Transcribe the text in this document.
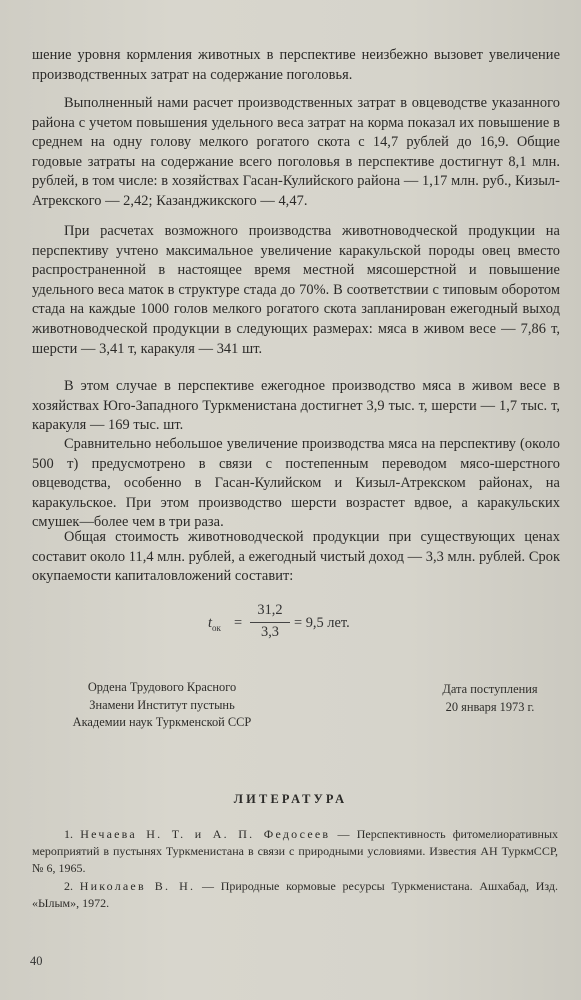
шение уровня кормления животных в перспективе неизбежно вызовет увеличение производственных затрат на содержание поголовья.

Выполненный нами расчет производственных затрат в овцеводстве указанного района с учетом повышения удельного веса затрат на корма показал их повышение в среднем на одну голову мелкого рогатого скота с 14,7 рублей до 16,9. Общие годовые затраты на содержание всего поголовья в перспективе достигнут 8,1 млн. рублей, в том числе: в хозяйствах Гасан-Кулийского района — 1,17 млн. руб., Кизыл-Атрекского — 2,42; Казанджикского — 4,47.

При расчетах возможного производства животноводческой продукции на перспективу учтено максимальное увеличение каракульской породы овец вместо распространенной в настоящее время местной мясошерстной и повышение удельного веса маток в структуре стада до 70%. В соответствии с типовым оборотом стада на каждые 1000 голов мелкого рогатого скота запланирован ежегодный выход животноводческой продукции в следующих размерах: мяса в живом весе — 7,86 т, шерсти — 3,41 т, каракуля — 341 шт.

В этом случае в перспективе ежегодное производство мяса в живом весе в хозяйствах Юго-Западного Туркменистана достигнет 3,9 тыс. т, шерсти — 1,7 тыс. т, каракуля — 169 тыс. шт.

Сравнительно небольшое увеличение производства мяса на перспективу (около 500 т) предусмотрено в связи с постепенным переводом мясо-шерстного овцеводства, особенно в Гасан-Кулийском и Кизыл-Атрекском районах, на каракульское. При этом производство шерсти возрастет вдвое, а каракульских смушек—более чем в три раза.

Общая стоимость животноводческой продукции при существующих ценах составит около 11,4 млн. рублей, а ежегодный чистый доход — 3,3 млн. рублей. Срок окупаемости капиталовложений составит:

$t_{ок}$ =
31,2
3,3
= 9,5 лет.
Ордена Трудового Красного
Знамени Институт пустынь
Академии наук Туркменской ССР
Дата поступления
20 января 1973 г.
ЛИТЕРАТУРА
1. Нечаева Н. Т. и А. П. Федосеев — Перспективность фитомелиоративных мероприятий в пустынях Туркменистана в связи с природными условиями. Известия АН ТуркмССР, № 6, 1965.
2. Николаев В. Н. — Природные кормовые ресурсы Туркменистана. Ашхабад, Изд. «Ылым», 1972.
40
